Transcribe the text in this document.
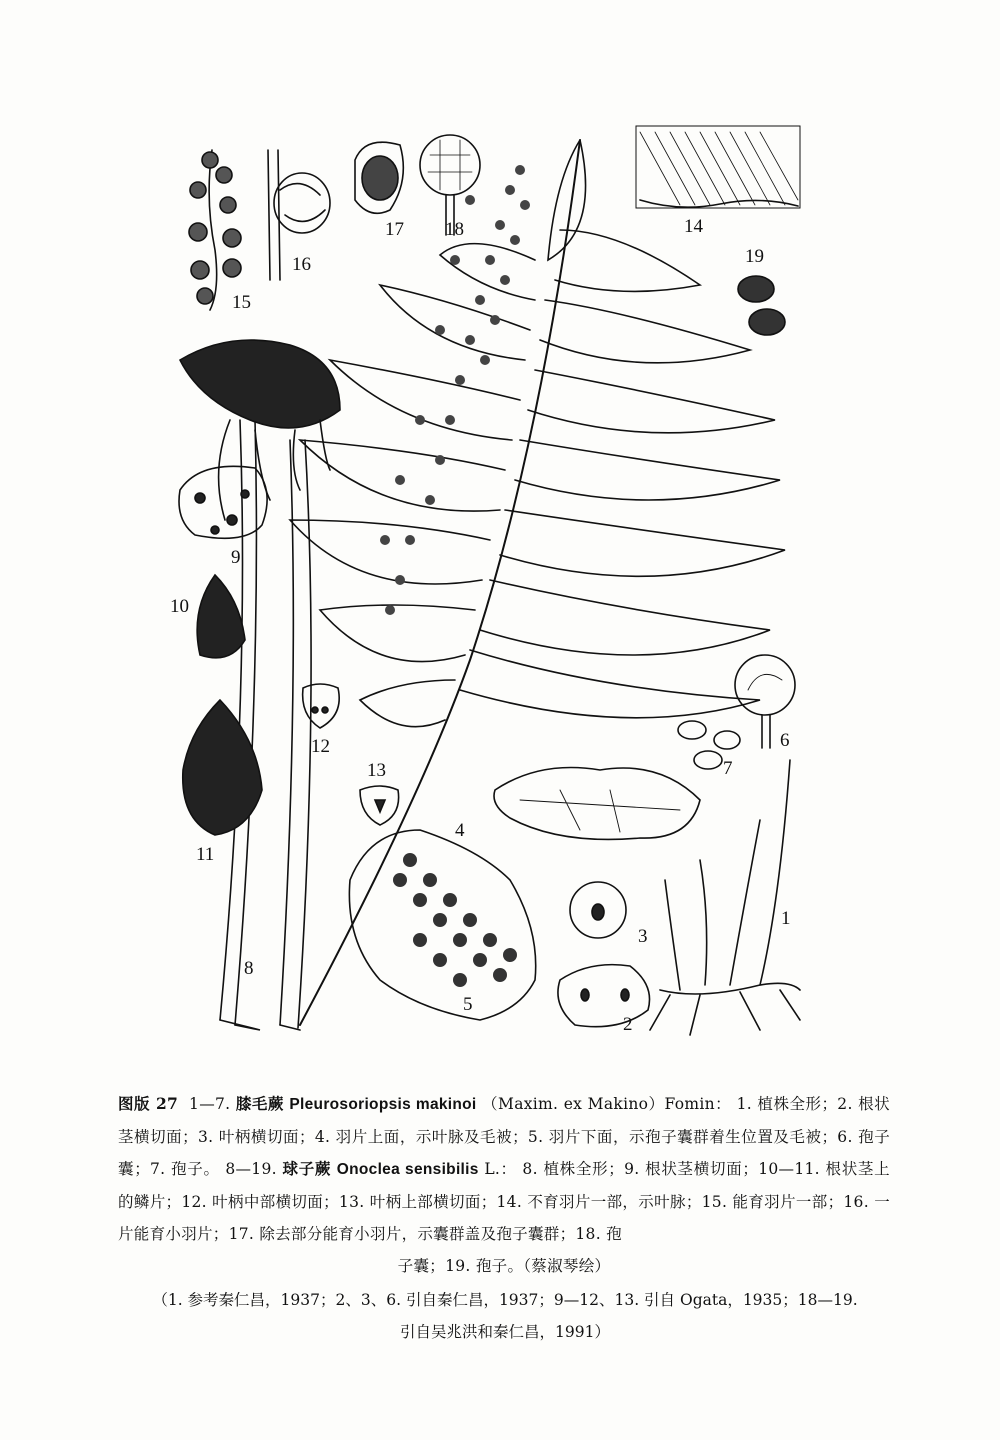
1
2
3
4
5
6
7
8
9
10
11
12
13
14
15
16
17 18
19
图版 27 1—7. 膝毛蕨 Pleurosoriopsis makinoi （Maxim. ex Makino）Fomin： 1. 植株全形；2. 根状茎横切面；3. 叶柄横切面；4. 羽片上面，示叶脉及毛被；5. 羽片下面，示孢子囊群着生位置及毛被；6. 孢子囊；7. 孢子。 8—19. 球子蕨 Onoclea sensibilis L.： 8. 植株全形；9. 根状茎横切面；10—11. 根状茎上的鳞片；12. 叶柄中部横切面；13. 叶柄上部横切面；14. 不育羽片一部，示叶脉；15. 能育羽片一部；16. 一片能育小羽片；17. 除去部分能育小羽片，示囊群盖及孢子囊群；18. 孢
子囊；19. 孢子。（蔡淑琴绘）
（1. 参考秦仁昌，1937；2、3、6. 引自秦仁昌，1937；9—12、13. 引自 Ogata，1935；18—19.
引自吴兆洪和秦仁昌，1991）
